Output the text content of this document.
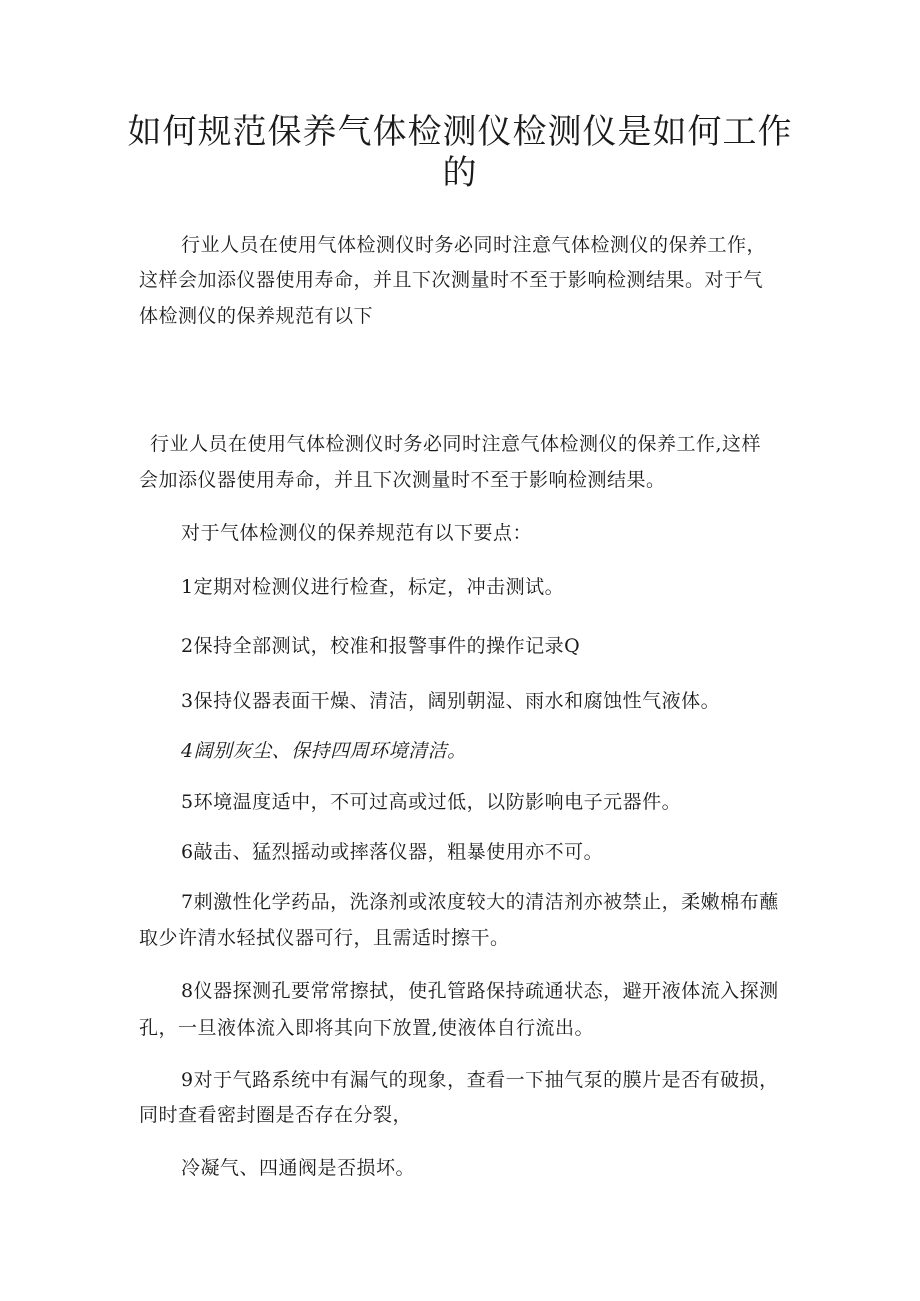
如何规范保养气体检测仪检测仪是如何工作
的

行业人员在使用气体检测仪时务必同时注意气体检测仪的保养工作，

这样会加添仪器使用寿命，并且下次测量时不至于影响检测结果。对于气

体检测仪的保养规范有以下

行业人员在使用气体检测仪时务必同时注意气体检测仪的保养工作,这样

会加添仪器使用寿命，并且下次测量时不至于影响检测结果。

对于气体检测仪的保养规范有以下要点：

1定期对检测仪进行检查，标定，冲击测试。

2保持全部测试，校准和报警事件的操作记录Q

3保持仪器表面干燥、清洁，阔别朝湿、雨水和腐蚀性气液体。

4阔别灰尘、保持四周环境清洁。

5环境温度适中，不可过高或过低，以防影响电子元器件。

6敲击、猛烈摇动或摔落仪器，粗暴使用亦不可。

7刺激性化学药品，洗涤剂或浓度较大的清洁剂亦被禁止，柔嫩棉布蘸

取少许清水轻拭仪器可行，且需适时擦干。

8仪器探测孔要常常擦拭，使孔管路保持疏通状态，避开液体流入探测

孔，一旦液体流入即将其向下放置,使液体自行流出。

9对于气路系统中有漏气的现象，查看一下抽气泵的膜片是否有破损，

同时查看密封圈是否存在分裂，

冷凝气、四通阀是否损坏。
